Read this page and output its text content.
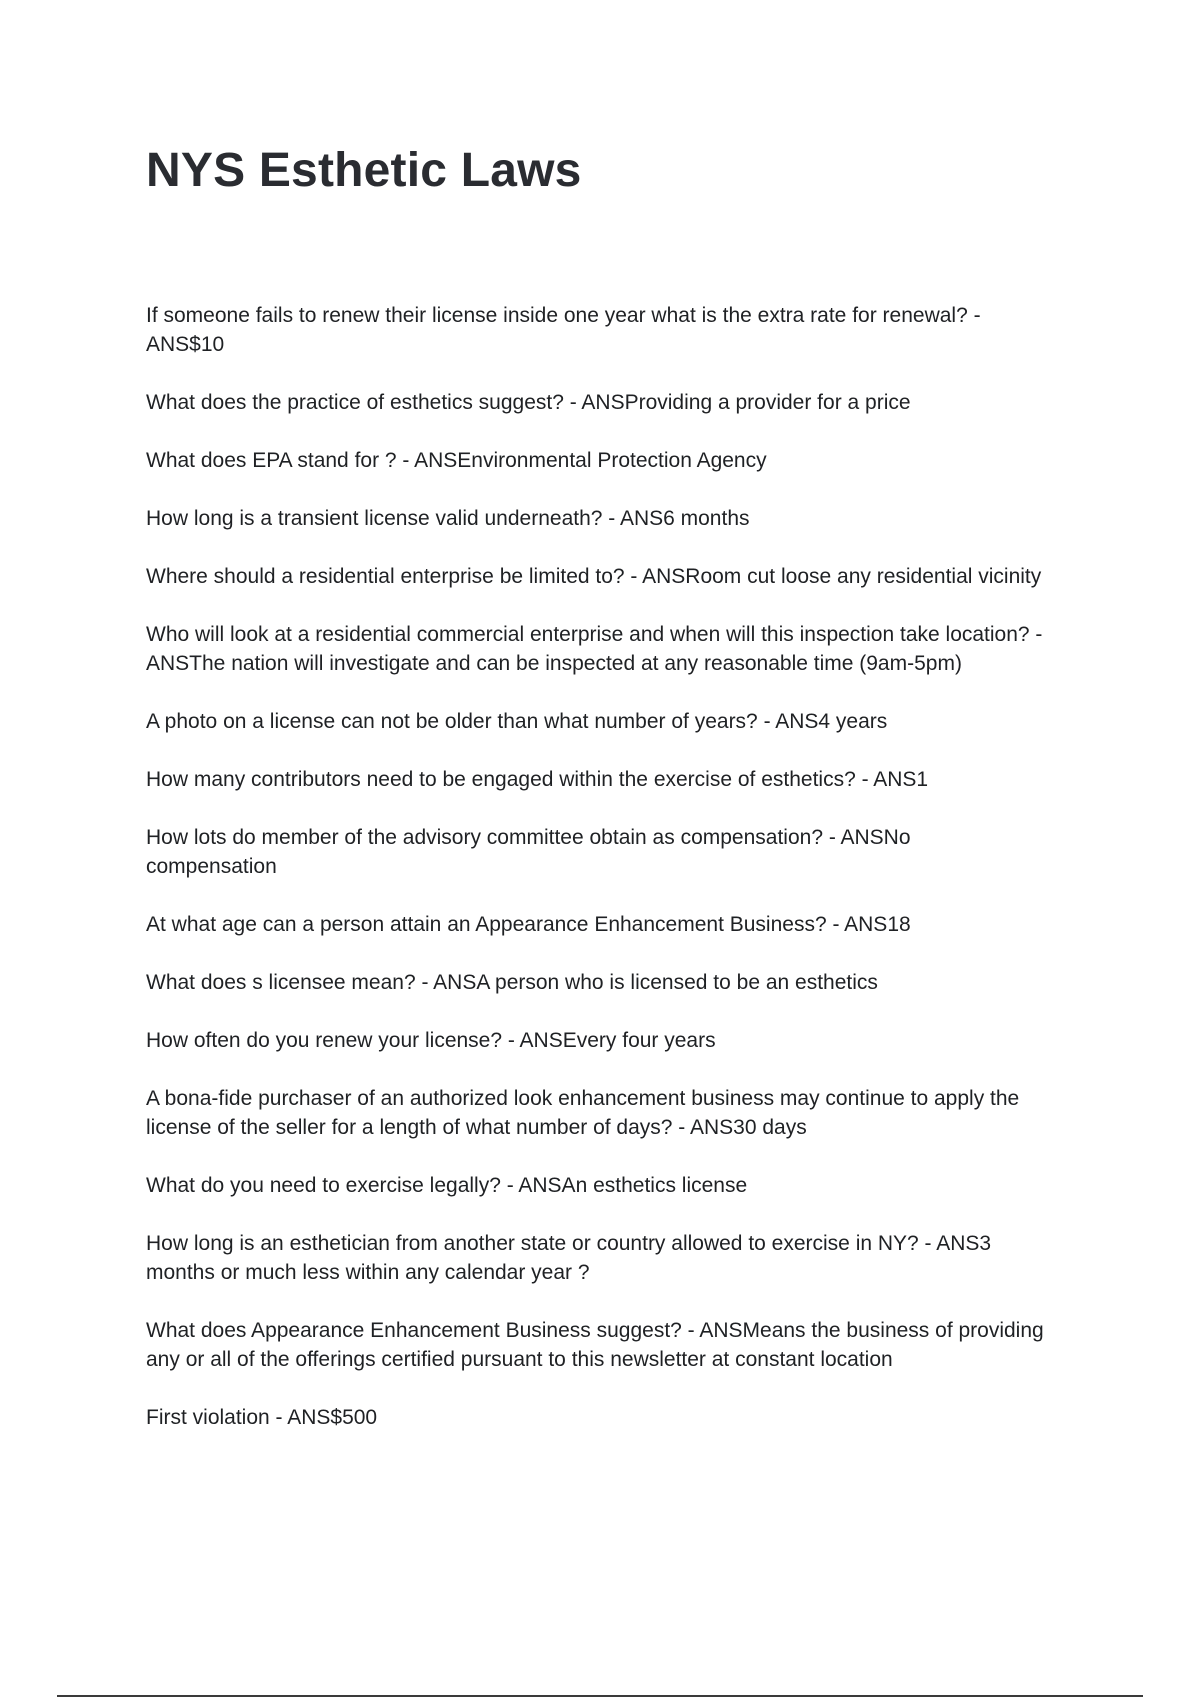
NYS Esthetic Laws
If someone fails to renew their license inside one year what is the extra rate for renewal? - ANS$10
What does the practice of esthetics suggest? - ANSProviding a provider for a price
What does EPA stand for ? - ANSEnvironmental Protection Agency
How long is a transient license valid underneath? - ANS6 months
Where should a residential enterprise be limited to? - ANSRoom cut loose any residential vicinity
Who will look at a residential commercial enterprise and when will this inspection take location? - ANSThe nation will investigate and can be inspected at any reasonable time (9am-5pm)
A photo on a license can not be older than what number of years? - ANS4 years
How many contributors need to be engaged within the exercise of esthetics? - ANS1
How lots do member of the advisory committee obtain as compensation? - ANSNo compensation
At what age can a person attain an Appearance Enhancement Business? - ANS18
What does s licensee mean? - ANSA person who is licensed to be an esthetics
How often do you renew your license? - ANSEvery four years
A bona-fide purchaser of an authorized look enhancement business may continue to apply the license of the seller for a length of what number of days? - ANS30 days
What do you need to exercise legally? - ANSAn esthetics license
How long is an esthetician from another state or country allowed to exercise in NY? - ANS3 months or much less within any calendar year ?
What does Appearance Enhancement Business suggest? - ANSMeans the business of providing any or all of the offerings certified pursuant to this newsletter at constant location
First violation - ANS$500
